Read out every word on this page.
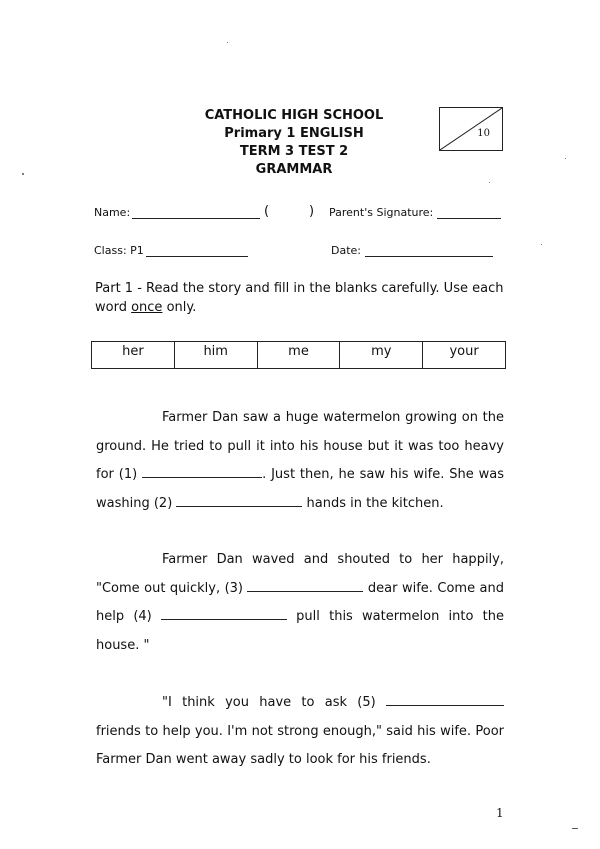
CATHOLIC HIGH SCHOOL
Primary 1 ENGLISH
TERM 3 TEST 2
GRAMMAR
10
Name:	(	) Parent's Signature:
Class: P1	Date:
Part 1 - Read the story and fill in the blanks carefully. Use each word once only.
her	him	me	my	your
Farmer Dan saw a huge watermelon growing on the ground. He tried to pull it into his house but it was too heavy for (1)	. Just then, he saw his wife. She was washing (2)	hands in the kitchen.
Farmer Dan waved and shouted to her happily, "Come out quickly, (3)	dear wife. Come and help (4)	pull this watermelon into the house. "
"I think you have to ask (5)  friends to help you. I'm not strong enough," said his wife. Poor Farmer Dan went away sadly to look for his friends.
1
